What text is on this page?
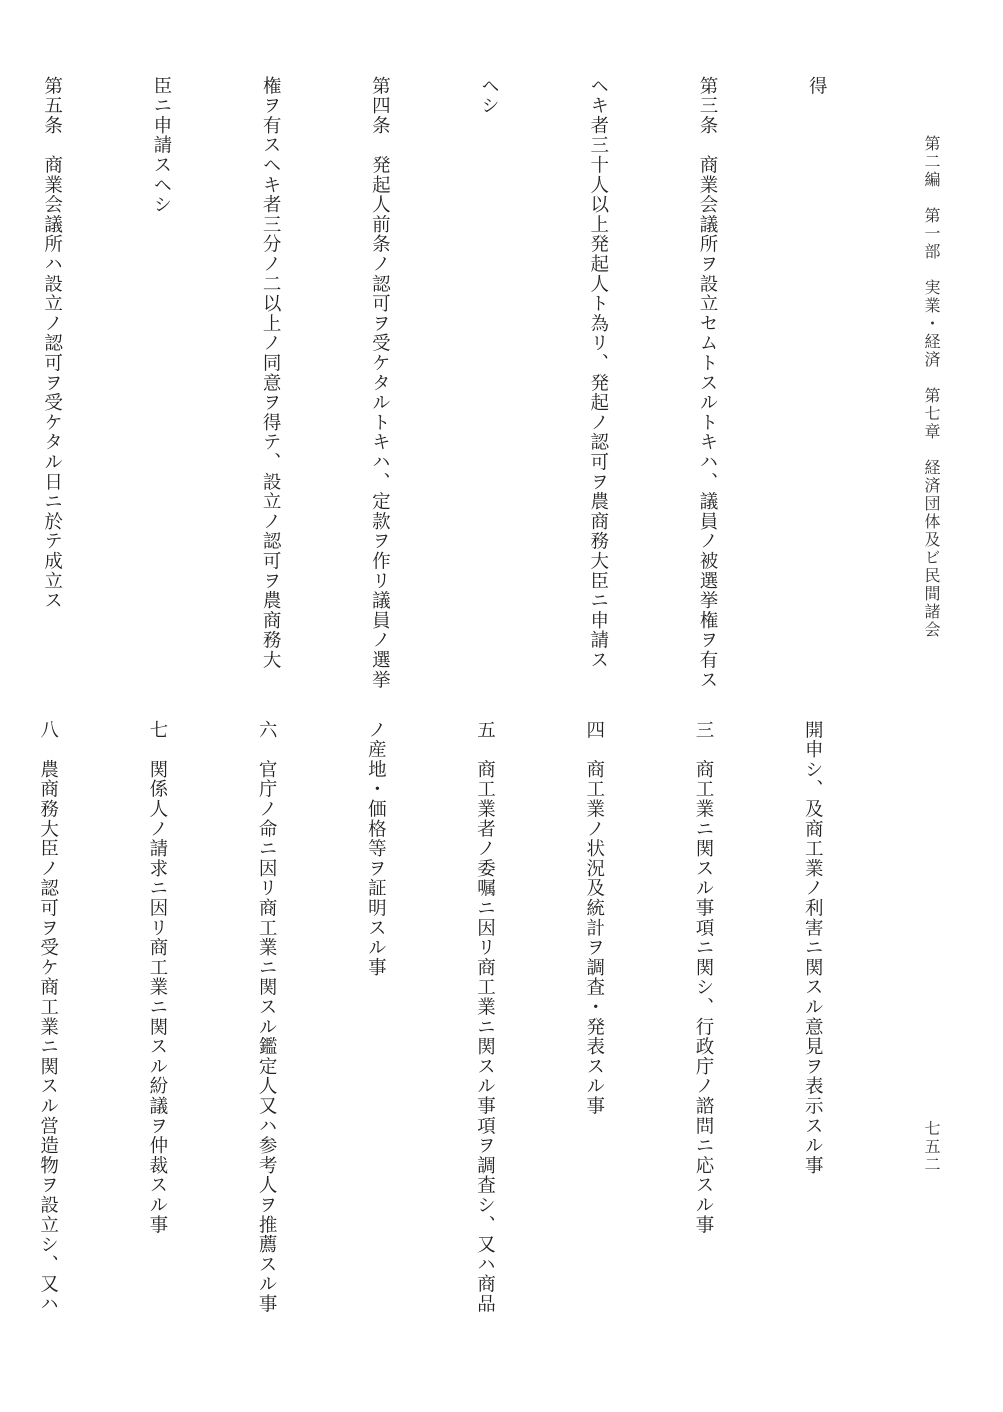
第二編　第一部　実業・経済　第七章　経済団体及ビ民間諸会

得

第三条　商業会議所ヲ設立セムトスルトキハ、議員ノ被選挙権ヲ有ス

ヘキ者三十人以上発起人ト為リ、発起ノ認可ヲ農商務大臣ニ申請ス

ヘシ

第四条　発起人前条ノ認可ヲ受ケタルトキハ、定款ヲ作リ議員ノ選挙

権ヲ有スヘキ者三分ノ二以上ノ同意ヲ得テ、設立ノ認可ヲ農商務大

臣ニ申請スヘシ

第五条　商業会議所ハ設立ノ認可ヲ受ケタル日ニ於テ成立ス

開申シ、及商工業ノ利害ニ関スル意見ヲ表示スル事

三　商工業ニ関スル事項ニ関シ、行政庁ノ諮問ニ応スル事

四　商工業ノ状況及統計ヲ調査・発表スル事

五　商工業者ノ委嘱ニ因リ商工業ニ関スル事項ヲ調査シ、又ハ商品

ノ産地・価格等ヲ証明スル事

六　官庁ノ命ニ因リ商工業ニ関スル鑑定人又ハ参考人ヲ推薦スル事

七　関係人ノ請求ニ因リ商工業ニ関スル紛議ヲ仲裁スル事

八　農商務大臣ノ認可ヲ受ケ商工業ニ関スル営造物ヲ設立シ、又ハ

	七五二
